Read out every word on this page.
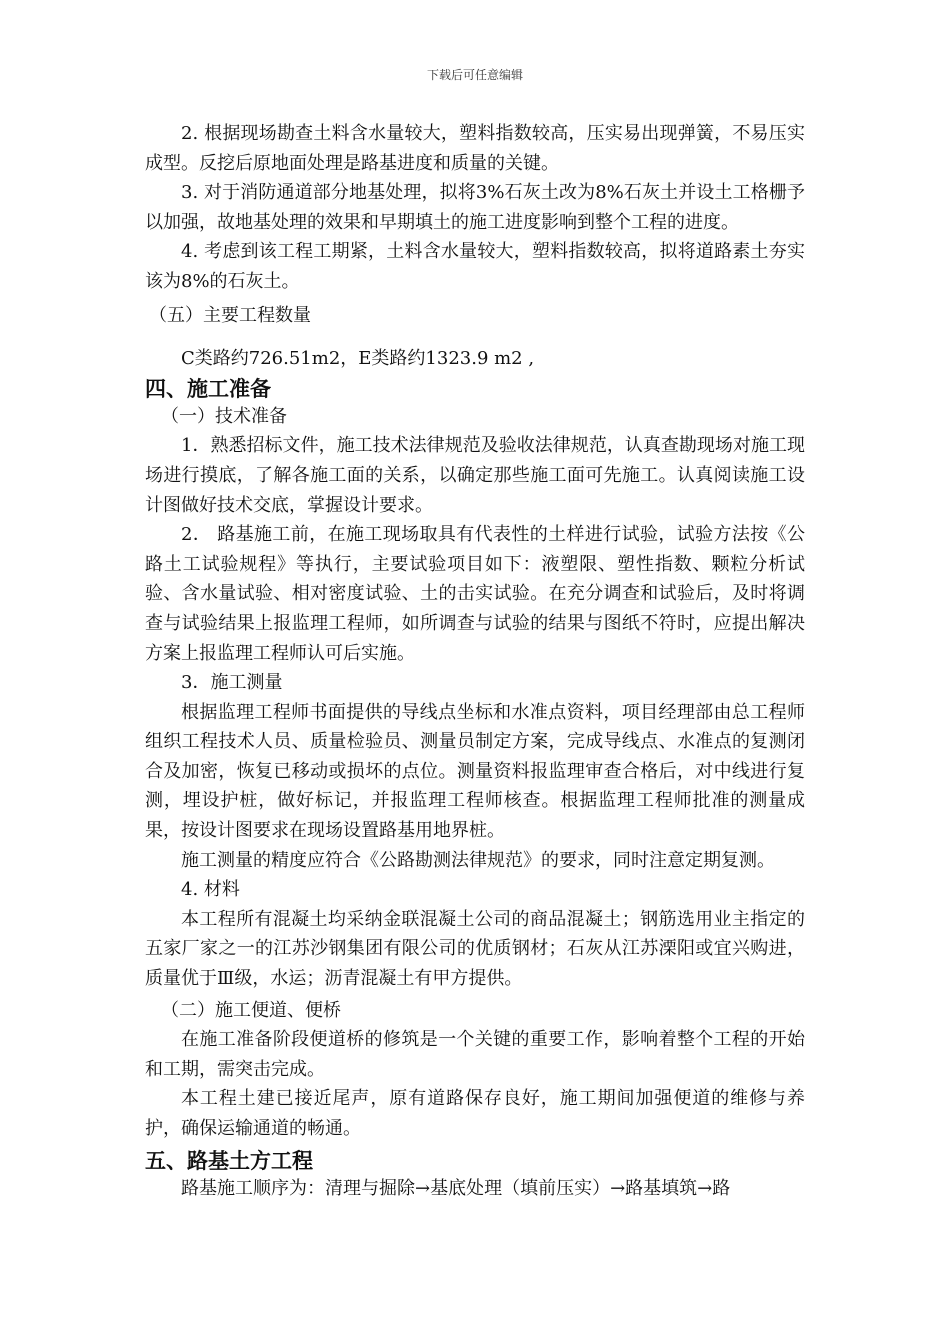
下载后可任意编辑

2. 根据现场勘查土料含水量较大，塑料指数较高，压实易出现弹簧，不易压实成型。反挖后原地面处理是路基进度和质量的关键。

3. 对于消防通道部分地基处理，拟将3%石灰土改为8%石灰土并设土工格栅予以加强，故地基处理的效果和早期填土的施工进度影响到整个工程的进度。

4. 考虑到该工程工期紧，土料含水量较大，塑料指数较高，拟将道路素土夯实该为8%的石灰土。

（五）主要工程数量

C类路约726.51m2，E类路约1323.9 m2 ,

四、施工准备

（一）技术准备

1．熟悉招标文件，施工技术法律规范及验收法律规范，认真查勘现场对施工现场进行摸底，了解各施工面的关系，以确定那些施工面可先施工。认真阅读施工设计图做好技术交底，掌握设计要求。

2． 路基施工前，在施工现场取具有代表性的土样进行试验，试验方法按《公路土工试验规程》等执行，主要试验项目如下：液塑限、塑性指数、颗粒分析试验、含水量试验、相对密度试验、土的击实试验。在充分调查和试验后，及时将调查与试验结果上报监理工程师，如所调查与试验的结果与图纸不符时，应提出解决方案上报监理工程师认可后实施。

3．施工测量

根据监理工程师书面提供的导线点坐标和水准点资料，项目经理部由总工程师组织工程技术人员、质量检验员、测量员制定方案，完成导线点、水准点的复测闭合及加密，恢复已移动或损坏的点位。测量资料报监理审查合格后，对中线进行复测，埋设护桩，做好标记，并报监理工程师核查。根据监理工程师批准的测量成果，按设计图要求在现场设置路基用地界桩。

施工测量的精度应符合《公路勘测法律规范》的要求，同时注意定期复测。

4. 材料

本工程所有混凝土均采纳金联混凝土公司的商品混凝土；钢筋选用业主指定的五家厂家之一的江苏沙钢集团有限公司的优质钢材；石灰从江苏溧阳或宜兴购进，质量优于Ⅲ级，水运；沥青混凝土有甲方提供。

（二）施工便道、便桥

在施工准备阶段便道桥的修筑是一个关键的重要工作，影响着整个工程的开始和工期，需突击完成。

本工程土建已接近尾声，原有道路保存良好，施工期间加强便道的维修与养护，确保运输通道的畅通。

五、路基土方工程

路基施工顺序为：清理与掘除→基底处理（填前压实）→路基填筑→路
